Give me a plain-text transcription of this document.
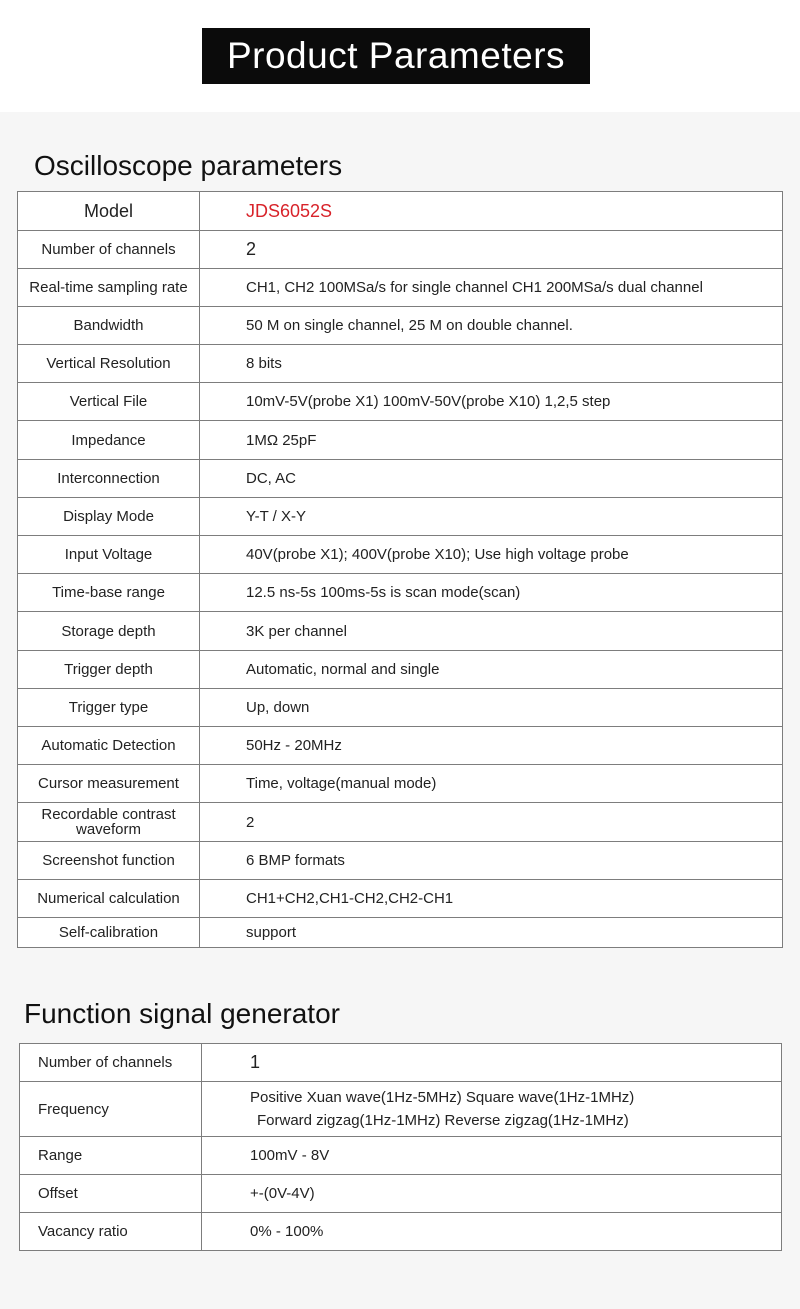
Product Parameters
Oscilloscope parameters
Model	JDS6052S
Number of channels	2
Real-time sampling rate	CH1, CH2 100MSa/s for single channel CH1 200MSa/s dual channel
Bandwidth	50 M on single channel, 25 M on double channel.
Vertical Resolution	8 bits
Vertical File	10mV-5V(probe X1) 100mV-50V(probe X10) 1,2,5 step
Impedance	1MΩ 25pF
Interconnection	DC, AC
Display Mode	Y-T / X-Y
Input Voltage	40V(probe X1); 400V(probe X10); Use high voltage probe
Time-base range	12.5 ns-5s 100ms-5s is scan mode(scan)
Storage depth	3K per channel
Trigger depth	Automatic, normal and single
Trigger type	Up, down
Automatic Detection	50Hz - 20MHz
Cursor measurement	Time, voltage(manual mode)
Recordable contrast waveform	2
Screenshot function	6 BMP formats
Numerical calculation	CH1+CH2,CH1-CH2,CH2-CH1
Self-calibration	support
Function signal generator
Number of channels	1
Frequency	Positive Xuan wave(1Hz-5MHz) Square wave(1Hz-1MHz)
Forward zigzag(1Hz-1MHz) Reverse zigzag(1Hz-1MHz)

Range	100mV - 8V
Offset	+-(0V-4V)
Vacancy ratio	0% - 100%
